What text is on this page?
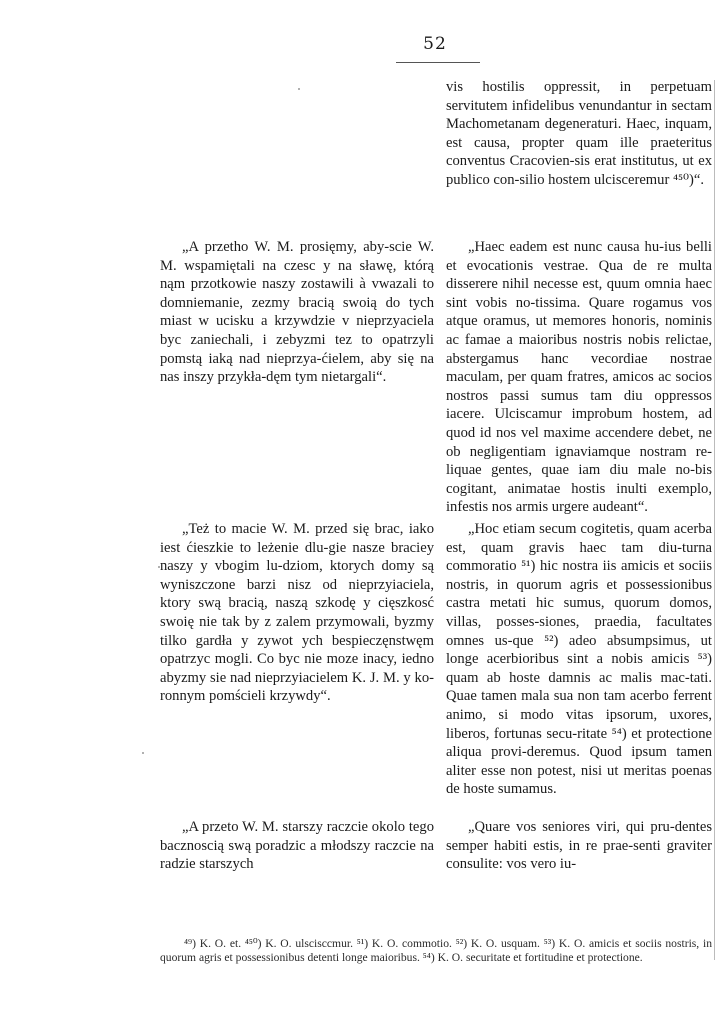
52

vis hostilis oppressit, in perpetuam servitutem infidelibus venundantur in sectam Machometanam degeneraturi. Haec, inquam, est causa, propter quam ille praeteritus conventus Cracovien-sis erat institutus, ut ex publico con-silio hostem ulcisceremur ⁴⁵⁰)“.

„A przetho W. M. prosięmy, aby-scie W. M. wspamiętali na czesc y na sławę, którą nąm przotkowie naszy zostawili à vwazali to domniemanie, zezmy bracią swoią do tych miast w ucisku a krzywdzie v nieprzyaciela byc zaniechali, i zebyzmi tez to opatrzyli pomstą iaką nad nieprzya-ćielem, aby się na nas inszy przykła-dęm tym nietargali“.

„Haec eadem est nunc causa hu-ius belli et evocationis vestrae. Qua de re multa disserere nihil necesse est, quum omnia haec sint vobis no-tissima. Quare rogamus vos atque oramus, ut memores honoris, nominis ac famae a maioribus nostris nobis relictae, abstergamus hanc vecordiae nostrae maculam, per quam fratres, amicos ac socios nostros passi sumus tam diu oppressos iacere. Ulciscamur improbum hostem, ad quod id nos vel maxime accendere debet, ne ob negligentiam ignaviamque nostram re-liquae gentes, quae iam diu male no-bis cogitant, animatae hostis inulti exemplo, infestis nos armis urgere audeant“.

„Też to macie W. M. przed się brac, iako iest ćieszkie to leżenie dlu-gie nasze braciey naszy y vbogim lu-dziom, ktorych domy są wyniszczone barzi nisz od nieprzyiaciela, ktory swą bracią, naszą szkodę y cięszkosć swoię nie tak by z zalem przymowali, byzmy tilko gardła y zywot ych bespieczęnstwęm opatrzyc mogli. Co byc nie moze inacy, iedno abyzmy sie nad nieprzyiacielem K. J. M. y ko-ronnym pomścieli krzywdy“.

„Hoc etiam secum cogitetis, quam acerba est, quam gravis haec tam diu-turna commoratio ⁵¹) hic nostra iis amicis et sociis nostris, in quorum agris et possessionibus castra metati hic sumus, quorum domos, villas, posses-siones, praedia, facultates omnes us-que ⁵²) adeo absumpsimus, ut longe acerbioribus sint a nobis amicis ⁵³) quam ab hoste damnis ac malis mac-tati. Quae tamen mala sua non tam acerbo ferrent animo, si modo vitas ipsorum, uxores, liberos, fortunas secu-ritate ⁵⁴) et protectione aliqua provi-deremus. Quod ipsum tamen aliter esse non potest, nisi ut meritas poenas de hoste sumamus.

„A przeto W. M. starszy raczcie okolo tego bacznoscią swą poradzic a młodszy raczcie na radzie starszych

„Quare vos seniores viri, qui pru-dentes semper habiti estis, in re prae-senti graviter consulite: vos vero iu-

⁴⁹) K. O. et. ⁴⁵⁰) K. O. ulscisccmur. ⁵¹) K. O. commotio. ⁵²) K. O. usquam. ⁵³) K. O. amicis et sociis nostris, in quorum agris et possessionibus detenti longe maioribus. ⁵⁴) K. O. securitate et fortitudine et protectione.
